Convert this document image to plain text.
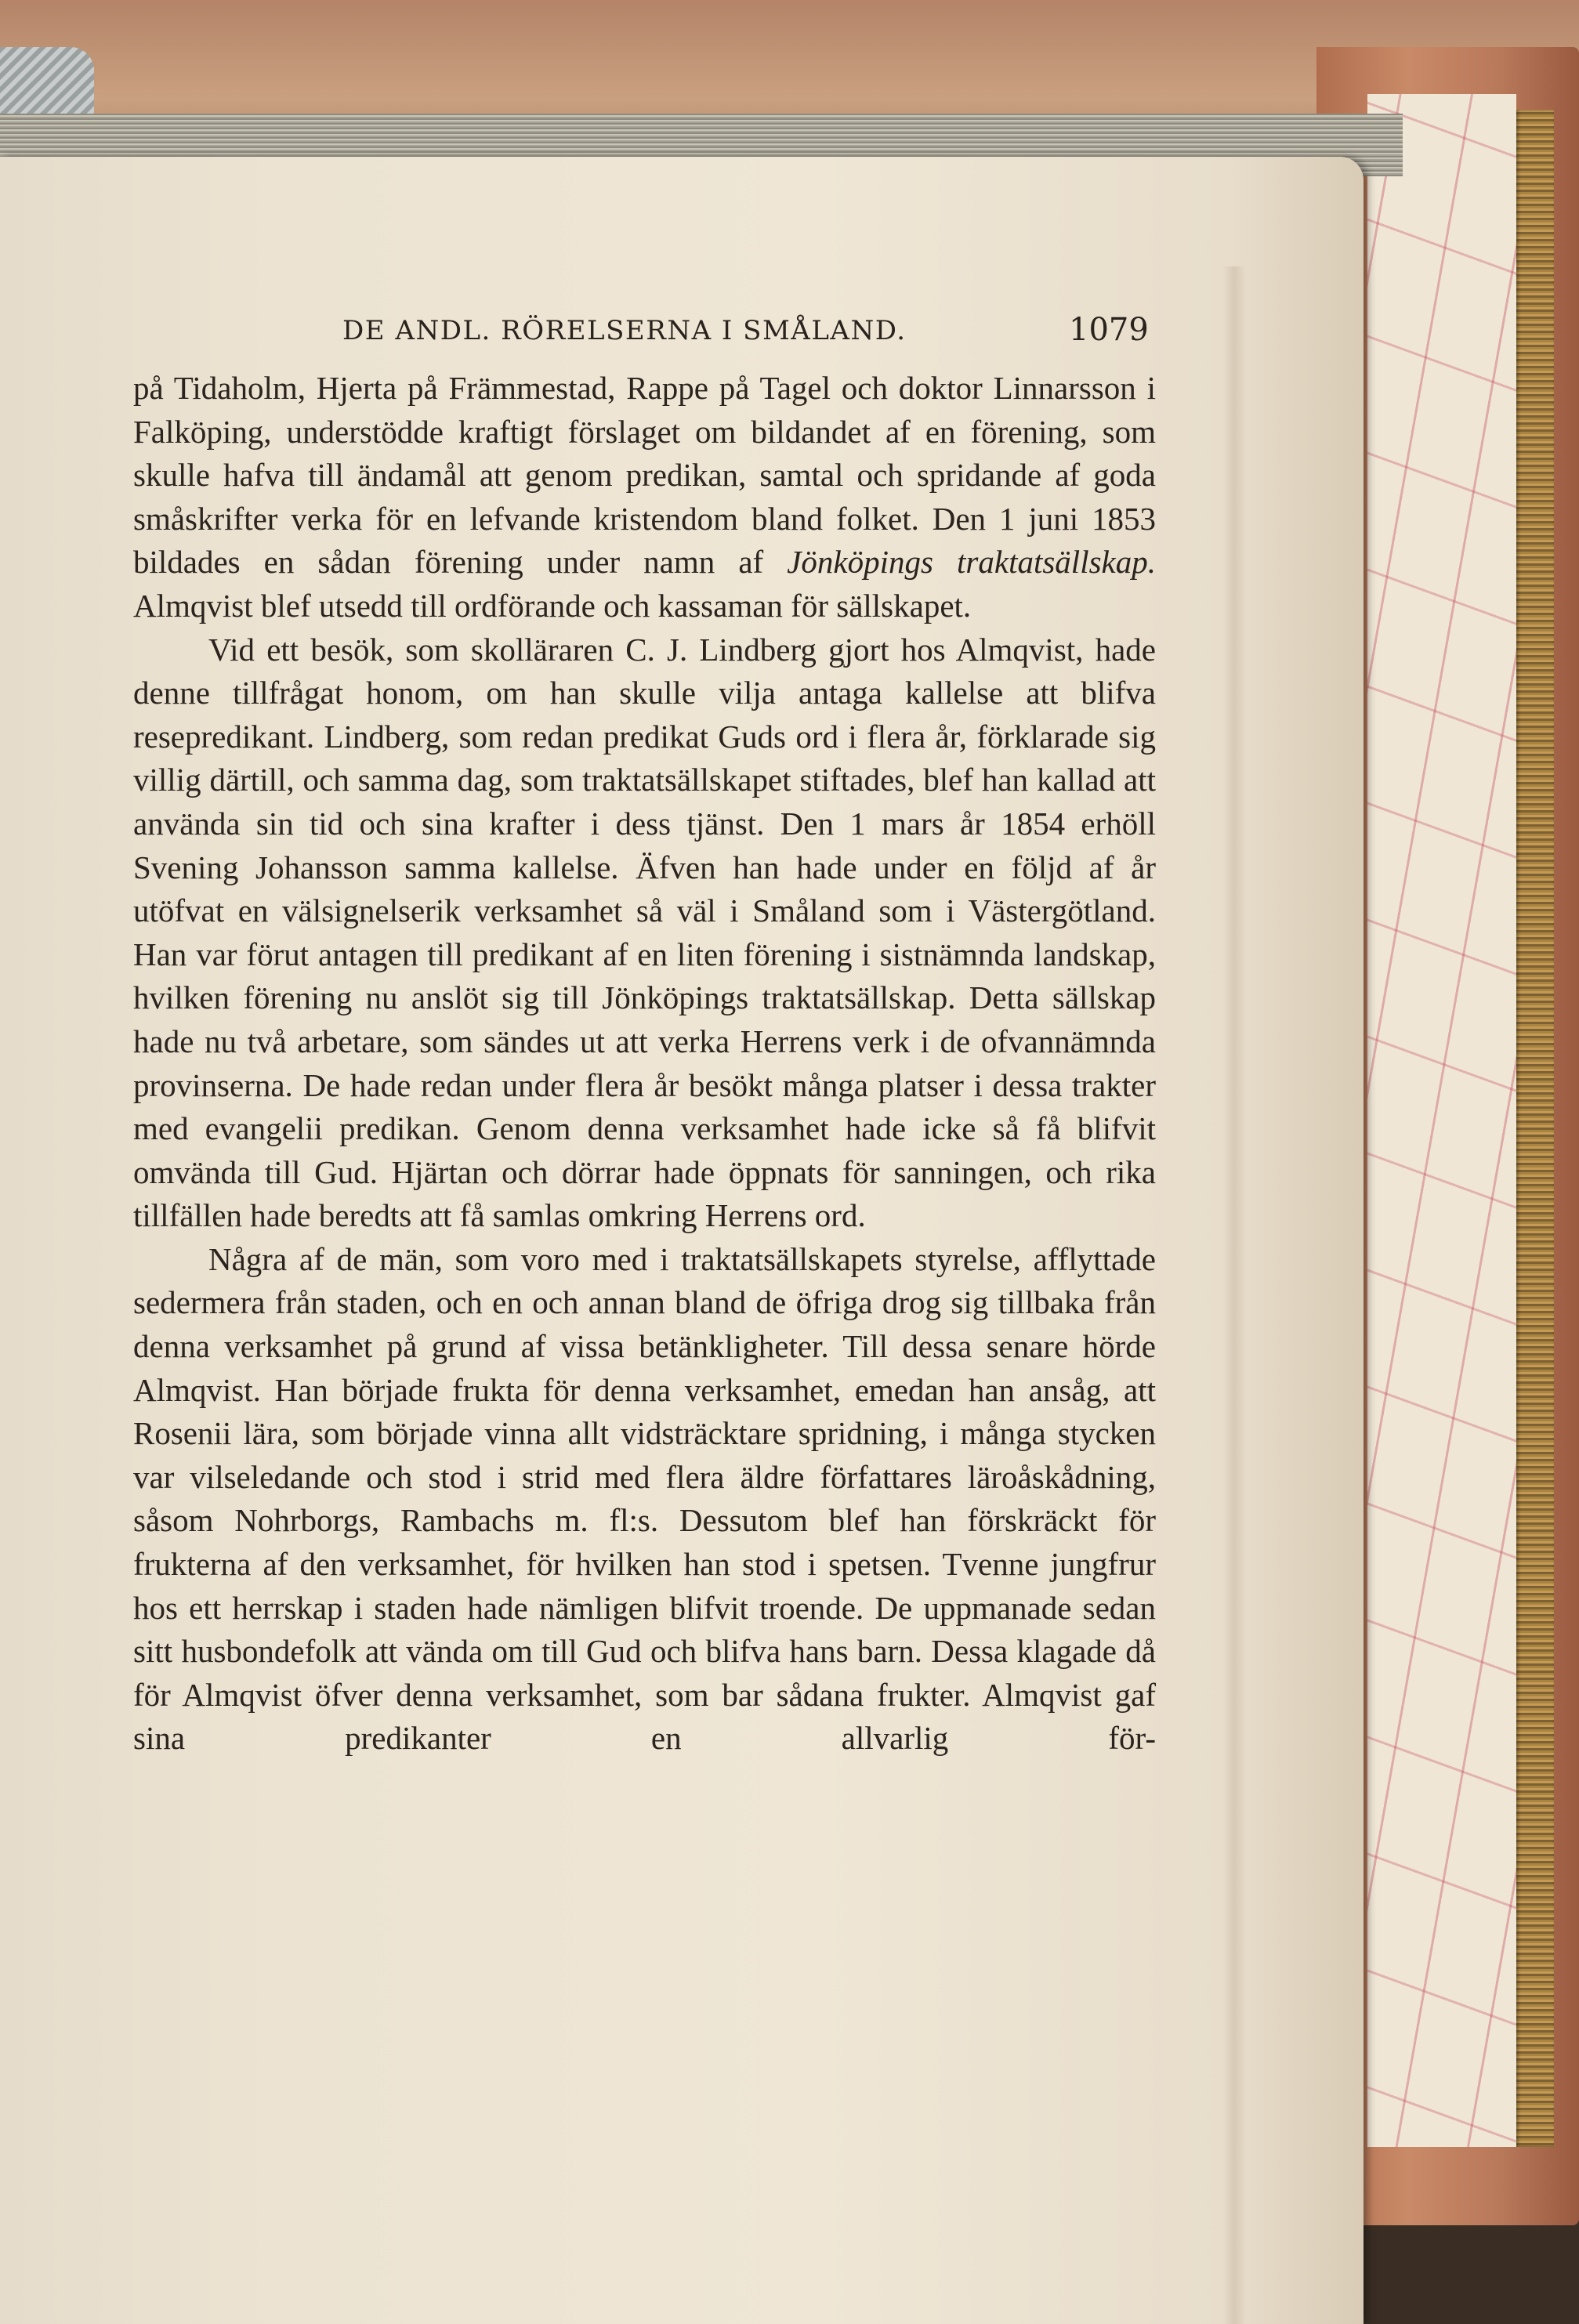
DE ANDL. RÖRELSERNA I SMÅLAND.	1079

på Tidaholm, Hjerta på Främmestad, Rappe på Tagel och doktor Linnarsson i Falköping, understödde kraftigt förslaget om bildandet af en förening, som skulle hafva till ändamål att genom predikan, samtal och spridande af goda småskrifter verka för en lefvande kristendom bland folket. Den 1 juni 1853 bildades en sådan förening under namn af Jönköpings traktatsällskap. Almqvist blef utsedd till ordförande och kassaman för sällskapet.

Vid ett besök, som skolläraren C. J. Lindberg gjort hos Almqvist, hade denne tillfrågat honom, om han skulle vilja antaga kallelse att blifva resepredikant. Lindberg, som redan predikat Guds ord i flera år, förklarade sig villig därtill, och samma dag, som traktatsällskapet stiftades, blef han kallad att använda sin tid och sina krafter i dess tjänst. Den 1 mars år 1854 erhöll Svening Johansson samma kallelse. Äfven han hade under en följd af år utöfvat en välsignelserik verksamhet så väl i Småland som i Västergötland. Han var förut antagen till predikant af en liten förening i sistnämnda landskap, hvilken förening nu anslöt sig till Jönköpings traktatsällskap. Detta sällskap hade nu två arbetare, som sändes ut att verka Herrens verk i de ofvannämnda provinserna. De hade redan under flera år besökt många platser i dessa trakter med evangelii predikan. Genom denna verksamhet hade icke så få blifvit omvända till Gud. Hjärtan och dörrar hade öppnats för sanningen, och rika tillfällen hade beredts att få samlas omkring Herrens ord.

Några af de män, som voro med i traktatsällskapets styrelse, afflyttade sedermera från staden, och en och annan bland de öfriga drog sig tillbaka från denna verksamhet på grund af vissa betänkligheter. Till dessa senare hörde Almqvist. Han började frukta för denna verksamhet, emedan han ansåg, att Rosenii lära, som började vinna allt vidsträcktare spridning, i många stycken var vilseledande och stod i strid med flera äldre författares läroåskådning, såsom Nohrborgs, Rambachs m. fl:s. Dessutom blef han förskräckt för frukterna af den verksamhet, för hvilken han stod i spetsen. Tvenne jungfrur hos ett herrskap i staden hade nämligen blifvit troende. De uppmanade sedan sitt husbondefolk att vända om till Gud och blifva hans barn. Dessa klagade då för Almqvist öfver denna verksamhet, som bar sådana frukter. Almqvist gaf sina predikanter en allvarlig för-
